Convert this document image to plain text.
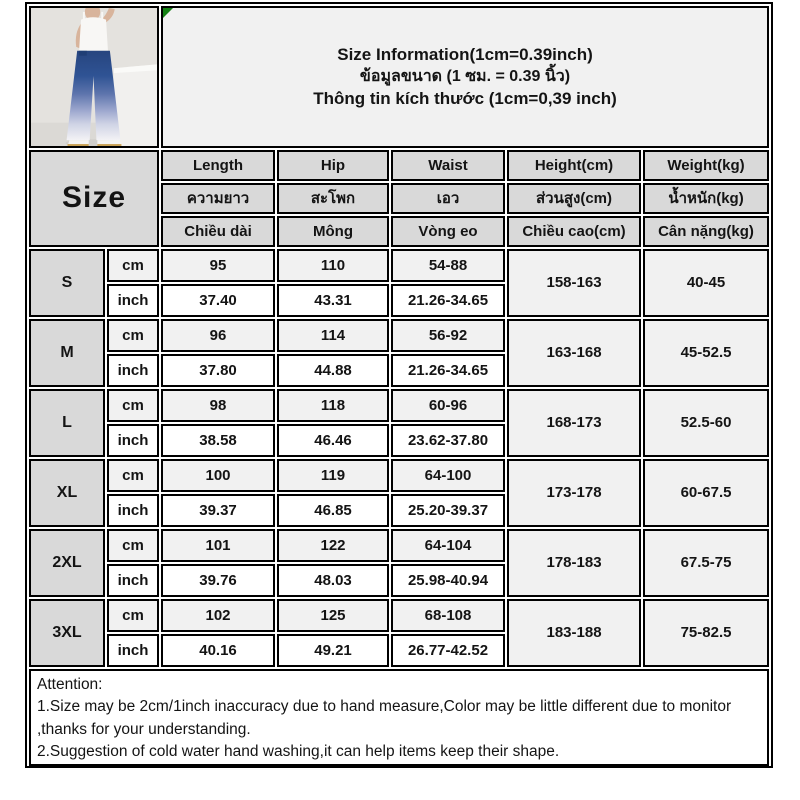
Size Information(1cm=0.39inch)
ข้อมูลขนาด (1 ซม. = 0.39 นิ้ว)
Thông tin kích thước (1cm=0,39 inch)				

Size		Length	Hip	Waist	Height(cm)	Weight(kg)
		ความยาว	สะโพก	เอว	ส่วนสูง(cm)	น้ำหนัก(kg)
		Chiều dài	Mông	Vòng eo	Chiều cao(cm)	Cân nặng(kg)
S	cm	95	110	54-88	158-163	40-45
	inch	37.40	43.31	21.26-34.65		
M	cm	96	114	56-92	163-168	45-52.5
	inch	37.80	44.88	21.26-34.65		
L	cm	98	118	60-96	168-173	52.5-60
	inch	38.58	46.46	23.62-37.80		
XL	cm	100	119	64-100	173-178	60-67.5
	inch	39.37	46.85	25.20-39.37		
2XL	cm	101	122	64-104	178-183	67.5-75
	inch	39.76	48.03	25.98-40.94		
3XL	cm	102	125	68-108	183-188	75-82.5
	inch	40.16	49.21	26.77-42.52		

Attention:
1.Size may be 2cm/1inch inaccuracy due to hand measure,Color may be little different due to monitor ,thanks for your understanding.
2.Suggestion of cold water hand washing,it can help items keep their shape.						
